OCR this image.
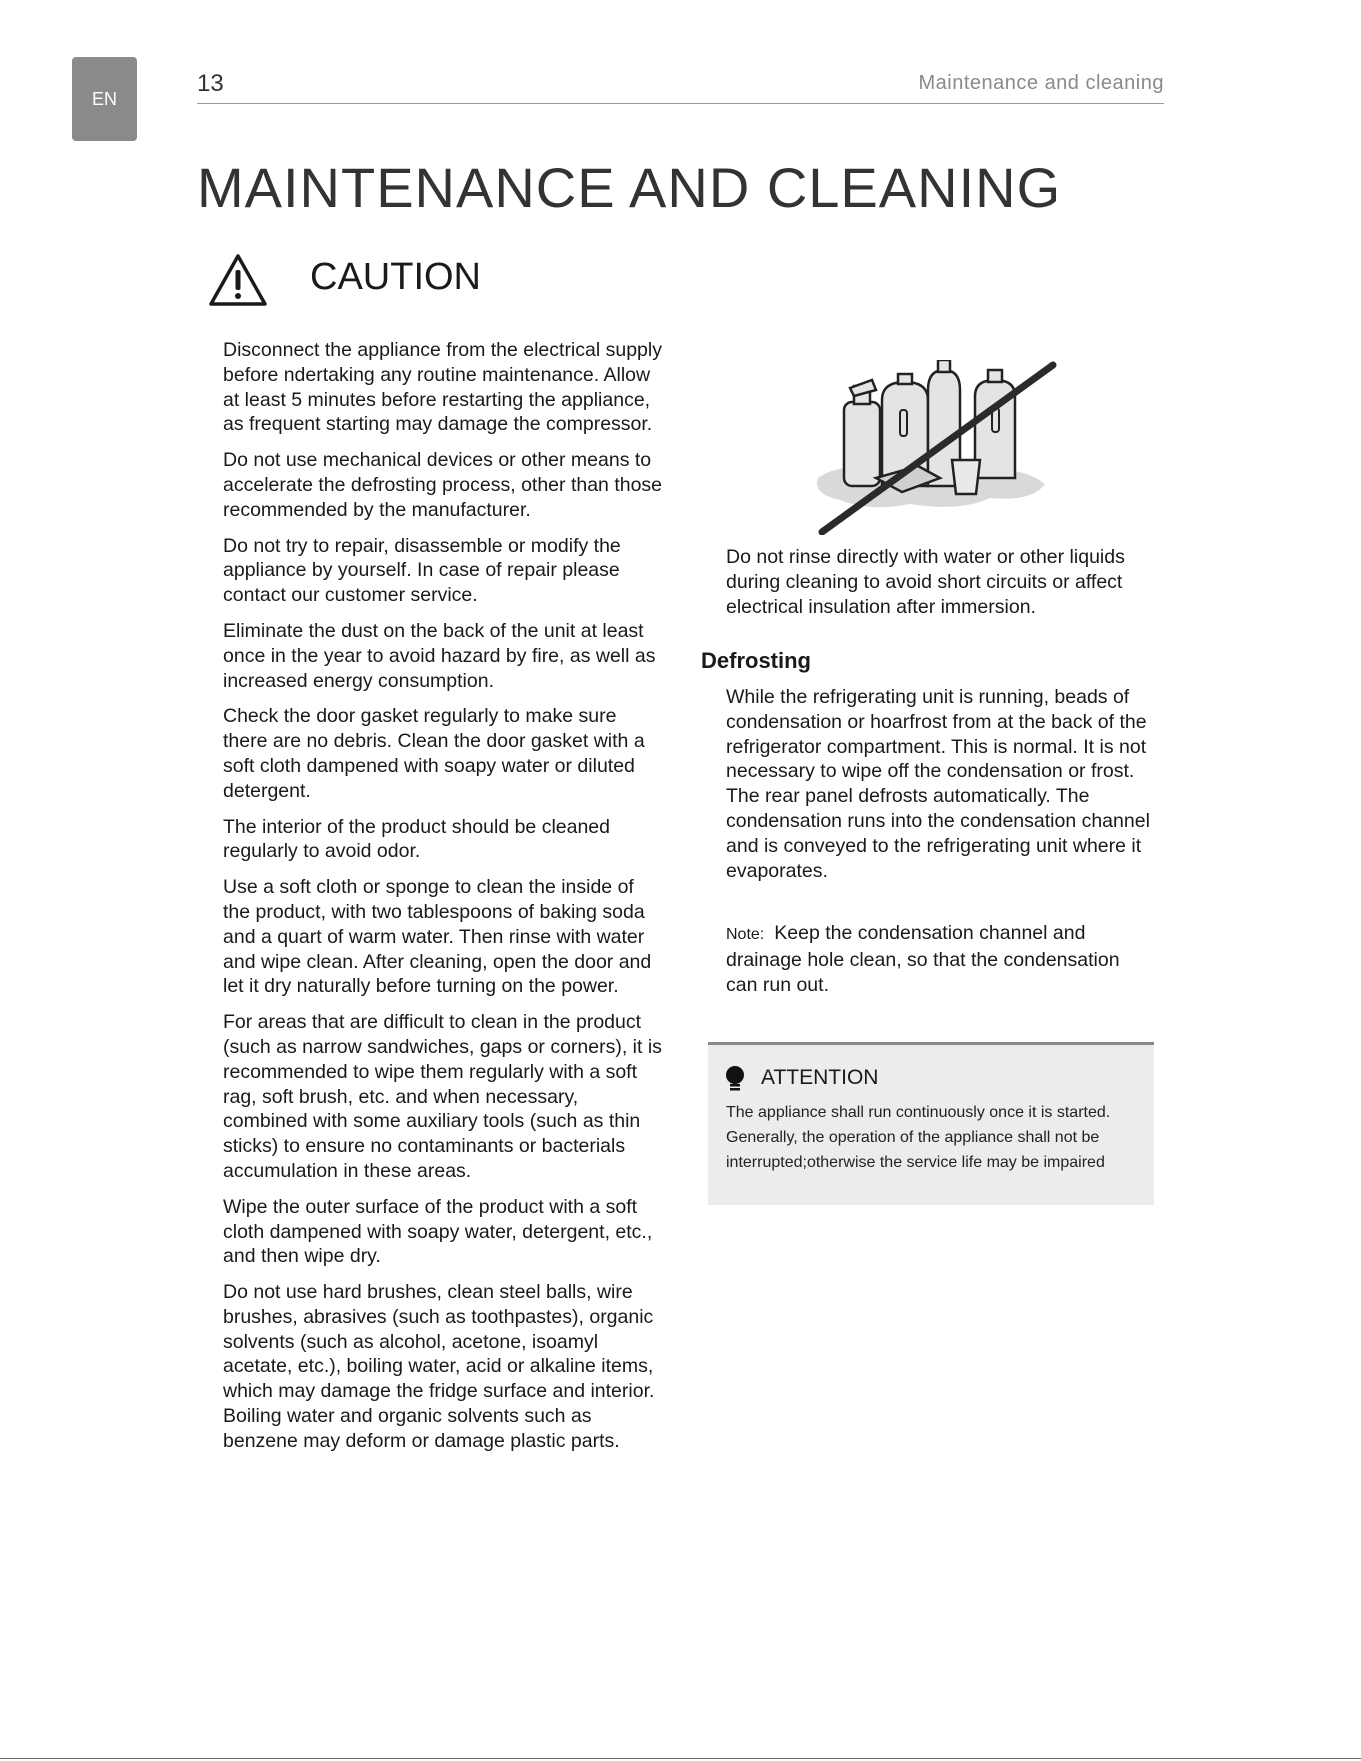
EN
13	Maintenance and cleaning
MAINTENANCE AND CLEANING
CAUTION

Disconnect the appliance from the electrical supply before ndertaking any routine maintenance. Allow at least 5 minutes before restarting the appliance, as frequent starting may damage the compressor.

Do not use mechanical devices or other means to accelerate the defrosting process, other than those recommended by the manufacturer.

Do not try to repair, disassemble or modify the appliance by yourself. In case of repair please contact our customer service.

Eliminate the dust on the back of the unit at least once in the year to avoid hazard by fire, as well as increased energy consumption.

Check the door gasket regularly to make sure there are no debris. Clean the door gasket with a soft cloth dampened with soapy water or diluted detergent.

The interior of the product should be cleaned regularly to avoid odor.

Use a soft cloth or sponge to clean the inside of the product, with two tablespoons of baking soda and a quart of warm water. Then rinse with water and wipe clean. After cleaning, open the door and let it dry naturally before turning on the power.

For areas that are difficult to clean in the product (such as narrow sandwiches, gaps or corners), it is recommended to wipe them regularly with a soft rag, soft brush, etc. and when necessary, combined with some auxiliary tools (such as thin sticks) to ensure no contaminants or bacterials accumulation in these areas.

Wipe the outer surface of the product with a soft cloth dampened with soapy water, detergent, etc., and then wipe dry.

Do not use hard brushes, clean steel balls, wire brushes, abrasives (such as toothpastes), organic solvents (such as alcohol, acetone, isoamyl acetate, etc.), boiling water, acid or alkaline items, which may damage the fridge surface and interior. Boiling water and organic solvents such as benzene may deform or damage plastic parts.

Do not rinse directly with water or other liquids during cleaning to avoid short circuits or affect electrical insulation after immersion.

Defrosting

While the refrigerating unit is running, beads of condensation or hoarfrost from at the back of the refrigerator compartment. This is normal. It is not necessary to wipe off the condensation or frost. The rear panel defrosts automatically. The condensation runs into the condensation channel and is conveyed to the refrigerating unit where it evaporates.

Note: Keep the condensation channel and drainage hole clean, so that the condensation can run out.

ATTENTION

The appliance shall run continuously once it is started. Generally, the operation of the appliance shall not be interrupted;otherwise the service life may be impaired
